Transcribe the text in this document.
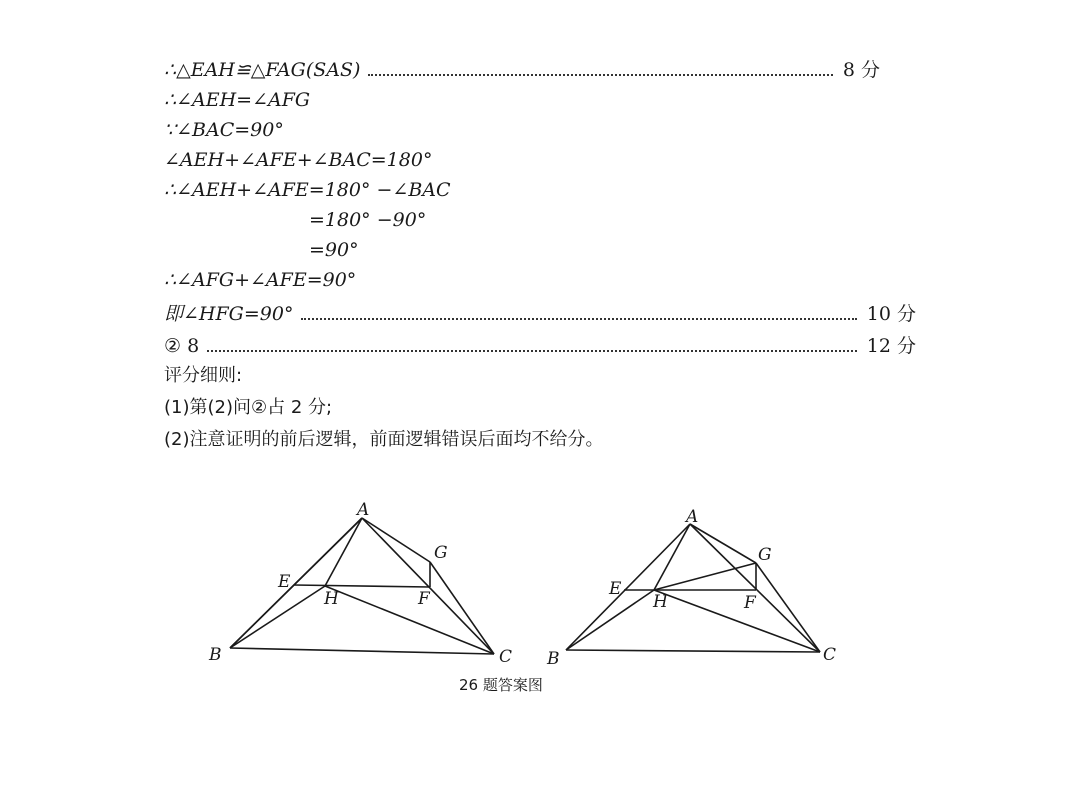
∴△EAH≌△FAG(SAS)	8 分
∴∠AEH=∠AFG
∵∠BAC=90°
∠AEH+∠AFE+∠BAC=180°
∴∠AEH+∠AFE=180° −∠BAC
=180° −90°
=90°
∴∠AFG+∠AFE=90°
即∠HFG=90°	10 分
② 8	12 分
评分细则:
(1)第(2)问②占 2 分;
(2)注意证明的前后逻辑，前面逻辑错误后面均不给分。
A
B	C
E
F
G
H
A
B	C
E
F
G
H
26 题答案图
